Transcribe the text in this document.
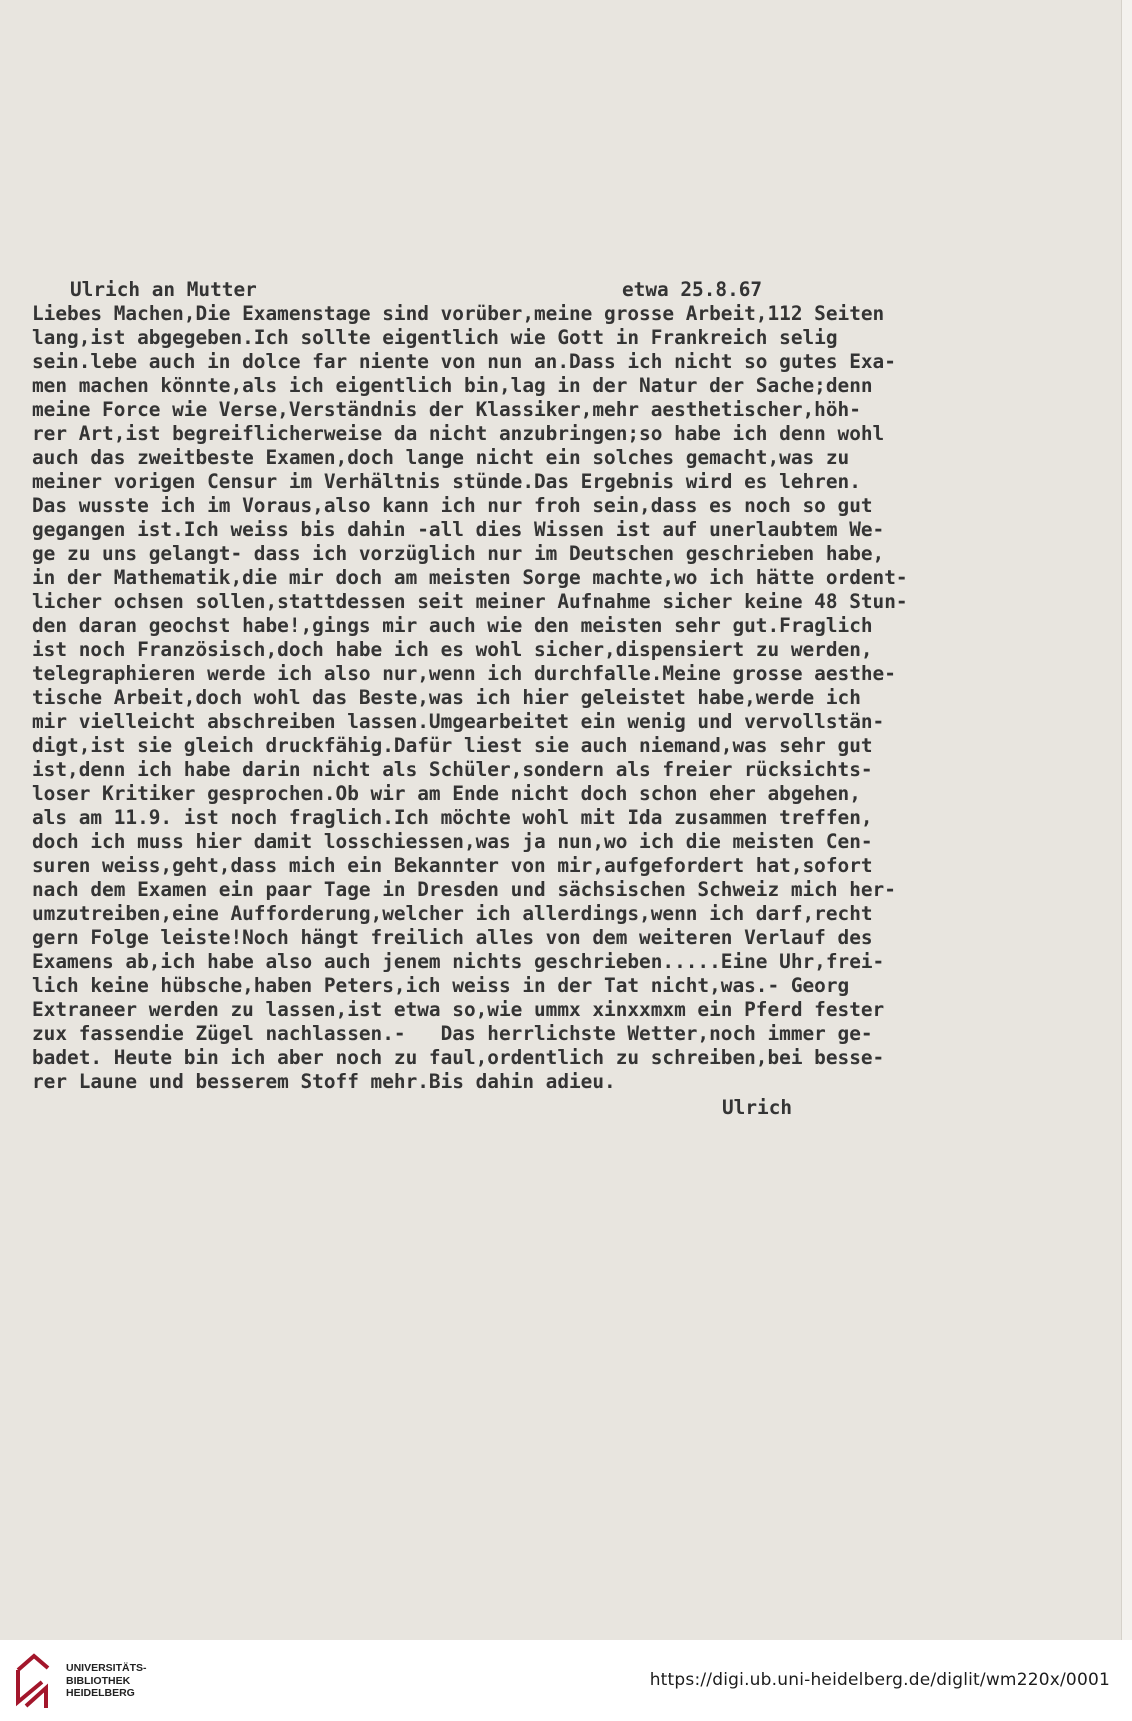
Ulrich an Mutter	etwa 25.8.67
Liebes Machen,Die Examenstage sind vorüber,meine grosse Arbeit,112 Seiten
lang,ist abgegeben.Ich sollte eigentlich wie Gott in Frankreich selig
sein.lebe auch in dolce far niente von nun an.Dass ich nicht so gutes Exa-
men machen könnte,als ich eigentlich bin,lag in der Natur der Sache;denn
meine Force wie Verse,Verständnis der Klassiker,mehr aesthetischer,höh-
rer Art,ist begreiflicherweise da nicht anzubringen;so habe ich denn wohl
auch das zweitbeste Examen,doch lange nicht ein solches gemacht,was zu
meiner vorigen Censur im Verhältnis stünde.Das Ergebnis wird es lehren.
Das wusste ich im Voraus,also kann ich nur froh sein,dass es noch so gut
gegangen ist.Ich weiss bis dahin -all dies Wissen ist auf unerlaubtem We-
ge zu uns gelangt- dass ich vorzüglich nur im Deutschen geschrieben habe,
in der Mathematik,die mir doch am meisten Sorge machte,wo ich hätte ordent-
licher ochsen sollen,stattdessen seit meiner Aufnahme sicher keine 48 Stun-
den daran geochst habe!,gings mir auch wie den meisten sehr gut.Fraglich
ist noch Französisch,doch habe ich es wohl sicher,dispensiert zu werden,
telegraphieren werde ich also nur,wenn ich durchfalle.Meine grosse aesthe-
tische Arbeit,doch wohl das Beste,was ich hier geleistet habe,werde ich
mir vielleicht abschreiben lassen.Umgearbeitet ein wenig und vervollstän-
digt,ist sie gleich druckfähig.Dafür liest sie auch niemand,was sehr gut
ist,denn ich habe darin nicht als Schüler,sondern als freier rücksichts-
loser Kritiker gesprochen.Ob wir am Ende nicht doch schon eher abgehen,
als am 11.9. ist noch fraglich.Ich möchte wohl mit Ida zusammen treffen,
doch ich muss hier damit losschiessen,was ja nun,wo ich die meisten Cen-
suren weiss,geht,dass mich ein Bekannter von mir,aufgefordert hat,sofort
nach dem Examen ein paar Tage in Dresden und sächsischen Schweiz mich her-
umzutreiben,eine Aufforderung,welcher ich allerdings,wenn ich darf,recht
gern Folge leiste!Noch hängt freilich alles von dem weiteren Verlauf des
Examens ab,ich habe also auch jenem nichts geschrieben.....Eine Uhr,frei-
lich keine hübsche,haben Peters,ich weiss in der Tat nicht,was.- Georg
Extraneer werden zu lassen,ist etwa so,wie ummx xinxxmxm ein Pferd fester
zux fassendie Zügel nachlassen.-   Das herrlichste Wetter,noch immer ge-
badet. Heute bin ich aber noch zu faul,ordentlich zu schreiben,bei besse-
rer Laune und besserem Stoff mehr.Bis dahin adieu.
Ulrich
UNIVERSITÄTS-
BIBLIOTHEK
HEIDELBERG
https://digi.ub.uni-heidelberg.de/diglit/wm220x/0001
